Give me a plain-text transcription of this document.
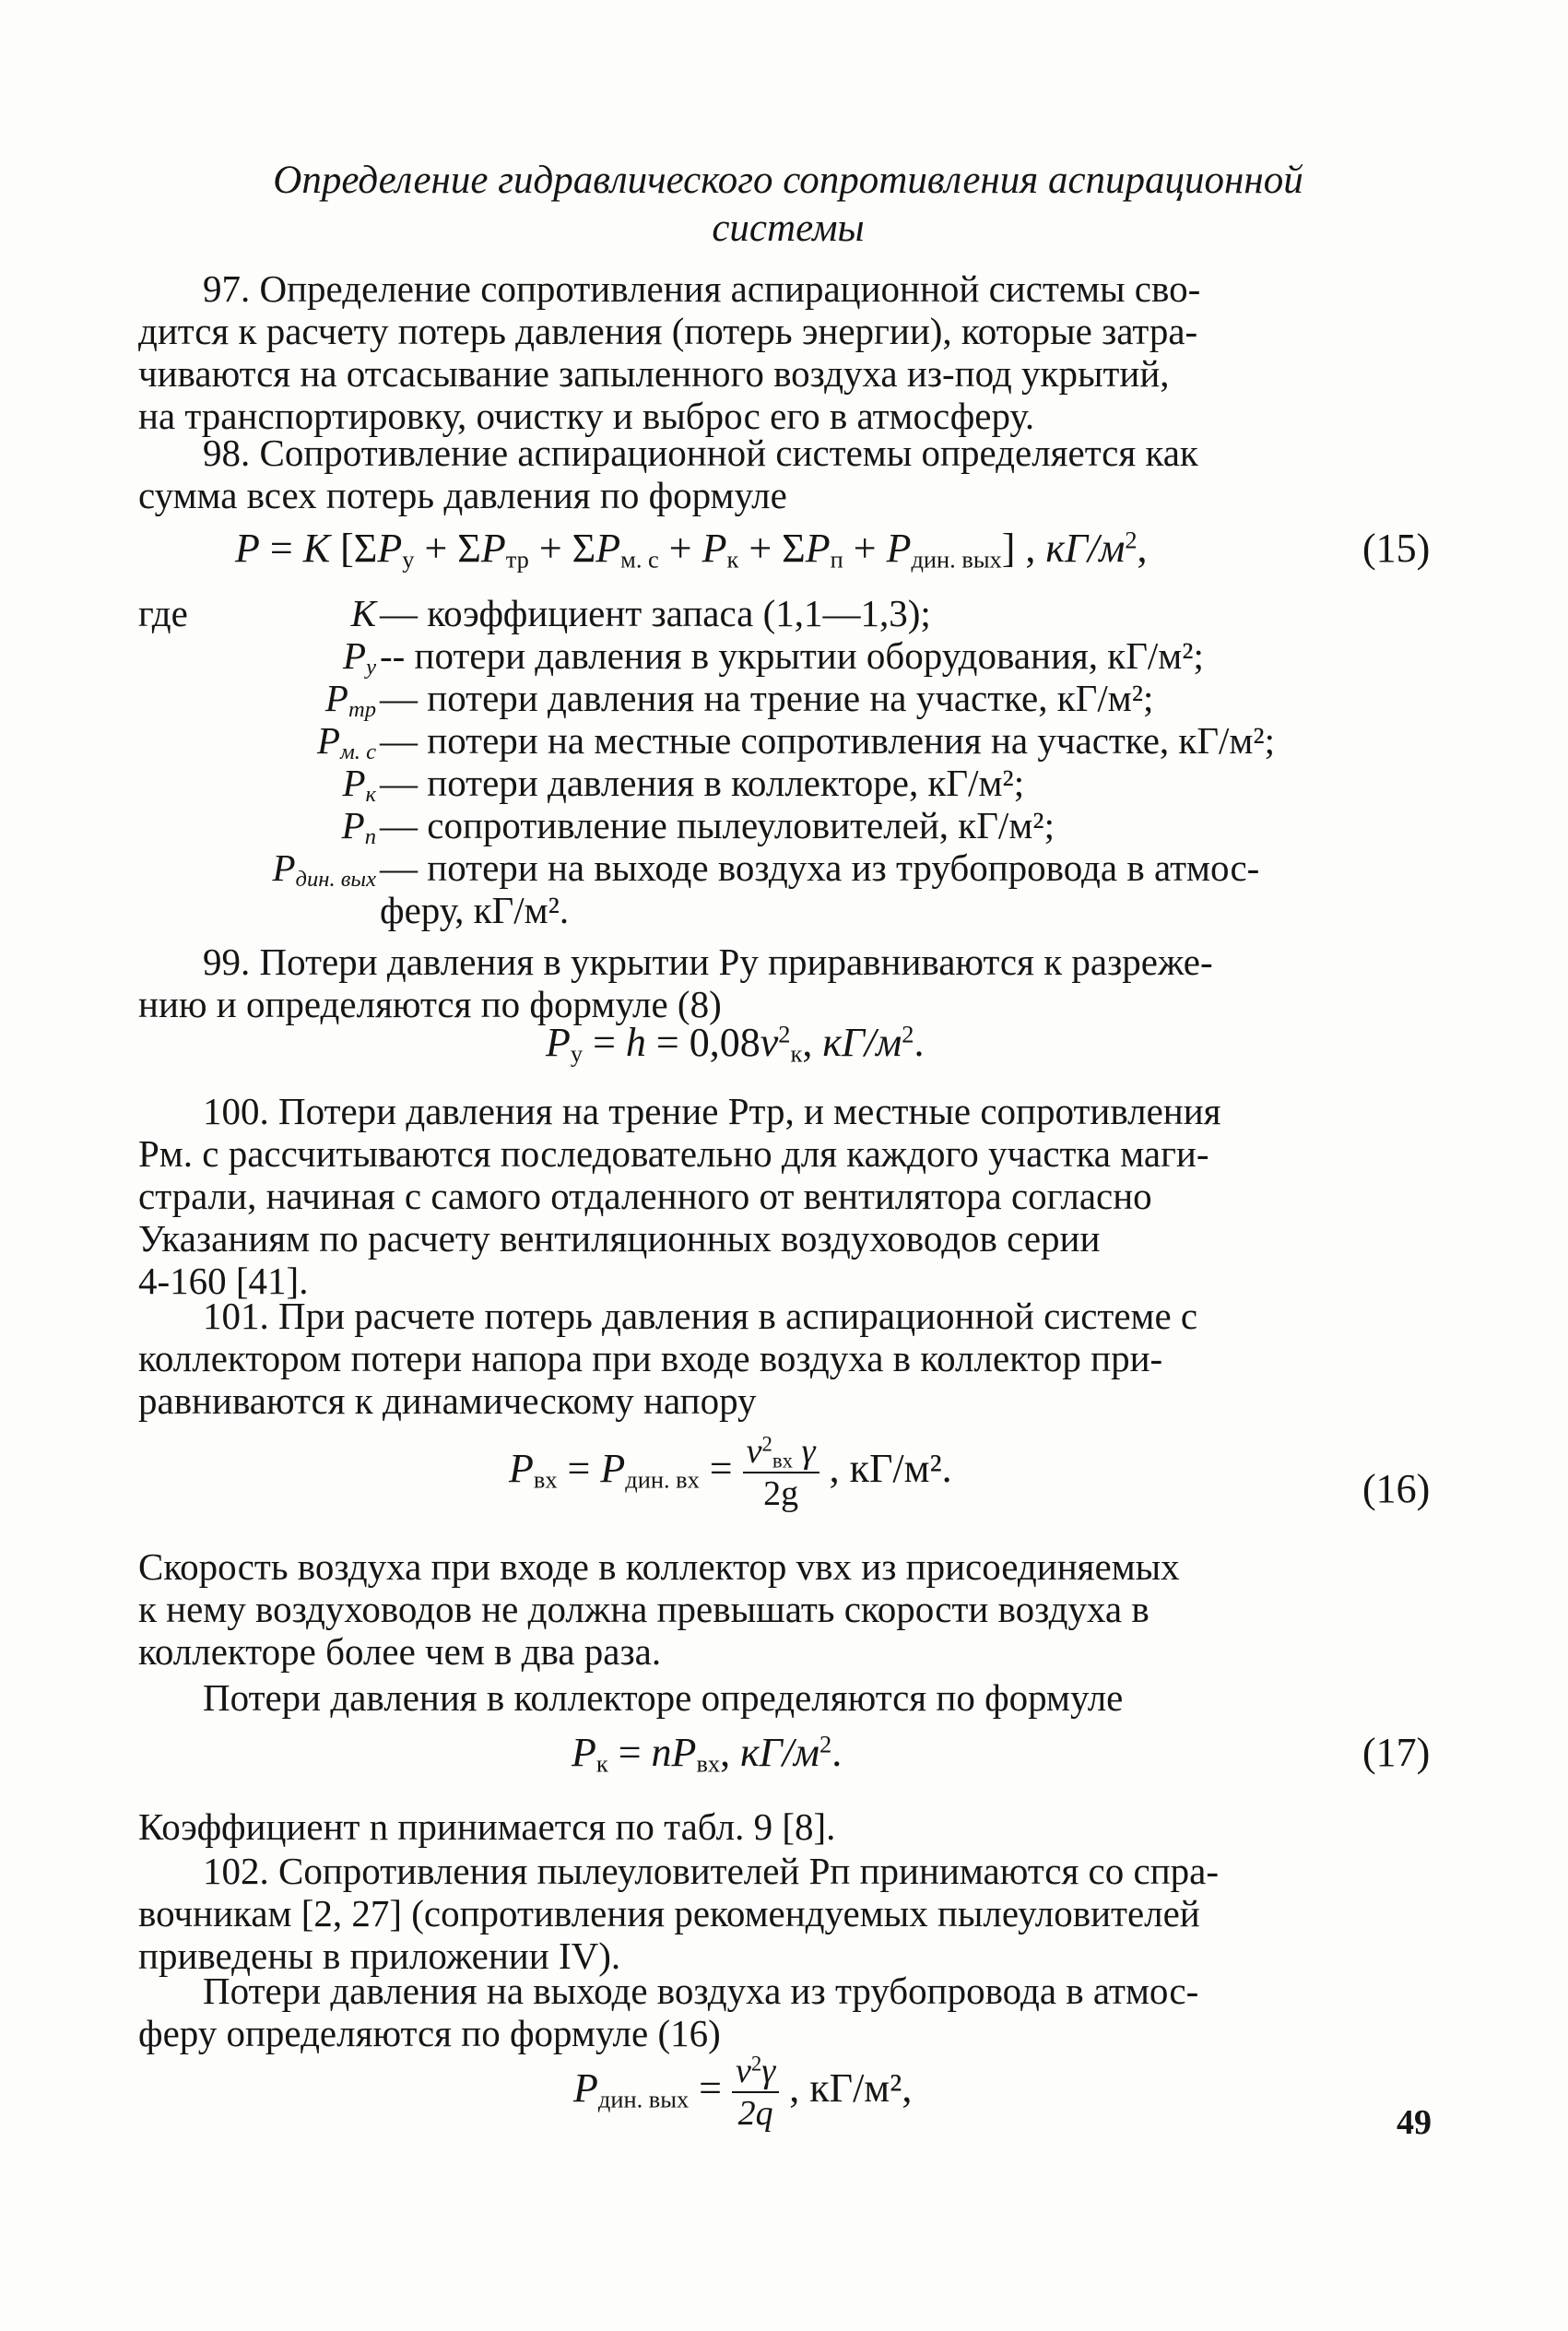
Определение гидравлического сопротивления аспирационной
системы
97. Определение сопротивления аспирационной системы сво-
дится к расчету потерь давления (потерь энергии), которые затра-
чиваются на отсасывание запыленного воздуха из-под укрытий,
на транспортировку, очистку и выброс его в атмосферу.
98. Сопротивление аспирационной системы определяется как
сумма всех потерь давления по формуле
P = K $[\Sigma P_у + \Sigma P_{тр} + \Sigma P_{м. с} + P_к + \Sigma P_п + P_{дин. вых}]$ , $кГ/м^2$,	(15)
где	K — коэффициент запаса (1,1—1,3);
$P_у$ -- потери давления в укрытии оборудования, кГ/м²;
$P_{тр}$ — потери давления на трение на участке, кГ/м²;
$P_{м. с}$ — потери на местные сопротивления на участке, кГ/м²;
$P_к$ — потери давления в коллекторе, кГ/м²;
$P_п$ — сопротивление пылеуловителей, кГ/м²;
$P_{дин. вых}$ — потери на выходе воздуха из трубопровода в атмос-
феру, кГ/м².
99. Потери давления в укрытии Pу приравниваются к разреже-
нию и определяются по формуле (8)
$P_у = h = 0,08v^2_к$, $кГ/м^2$.
100. Потери давления на трение Pтр, и местные сопротивления
Pм. с рассчитываются последовательно для каждого участка маги-
страли, начиная с самого отдаленного от вентилятора согласно
Указаниям по расчету вентиляционных воздуховодов серии
4-160 [41].
101. При расчете потерь давления в аспирационной системе с
коллектором потери напора при входе воздуха в коллектор при-
равниваются к динамическому напору
$P_{вх} = P_{дин. вх} = \frac{v^2_{вх} \gamma}{2g}$ , кГ/м².	(16)
Скорость воздуха при входе в коллектор vвх из присоединяемых
к нему воздуховодов не должна превышать скорости воздуха в
коллекторе более чем в два раза.
Потери давления в коллекторе определяются по формуле
$P_к = nP_{вх}$, $кГ/м^2$.	(17)
Коэффициент n принимается по табл. 9 [8].
102. Сопротивления пылеуловителей Pп принимаются со спра-
вочникам [2, 27] (сопротивления рекомендуемых пылеуловителей
приведены в приложении IV).
Потери давления на выходе воздуха из трубопровода в атмос-
феру определяются по формуле (16)
$P_{дин. вых} = \frac{v^2\gamma}{2q}$ , кГ/м²,
49
